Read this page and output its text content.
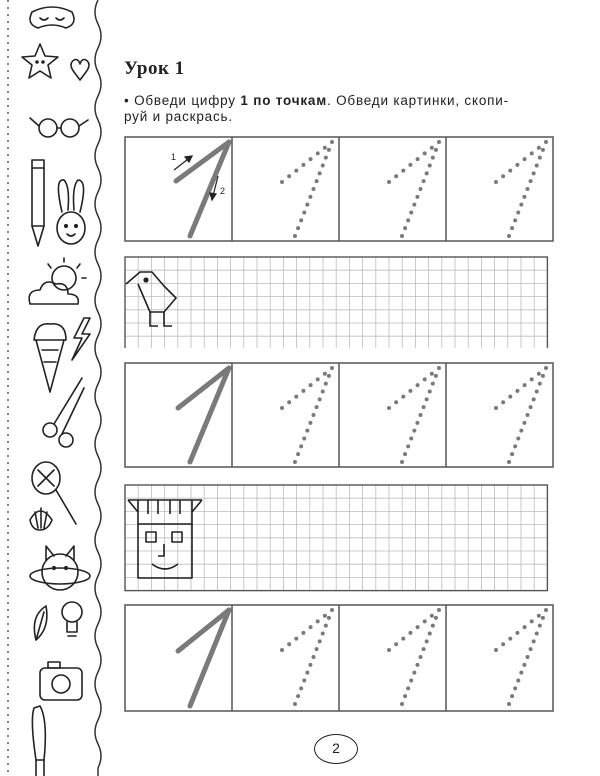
Урок 1

• Обведи цифру 1 по точкам. Обведи картинки, скопи-
руй и раскрась.

1
2
2
